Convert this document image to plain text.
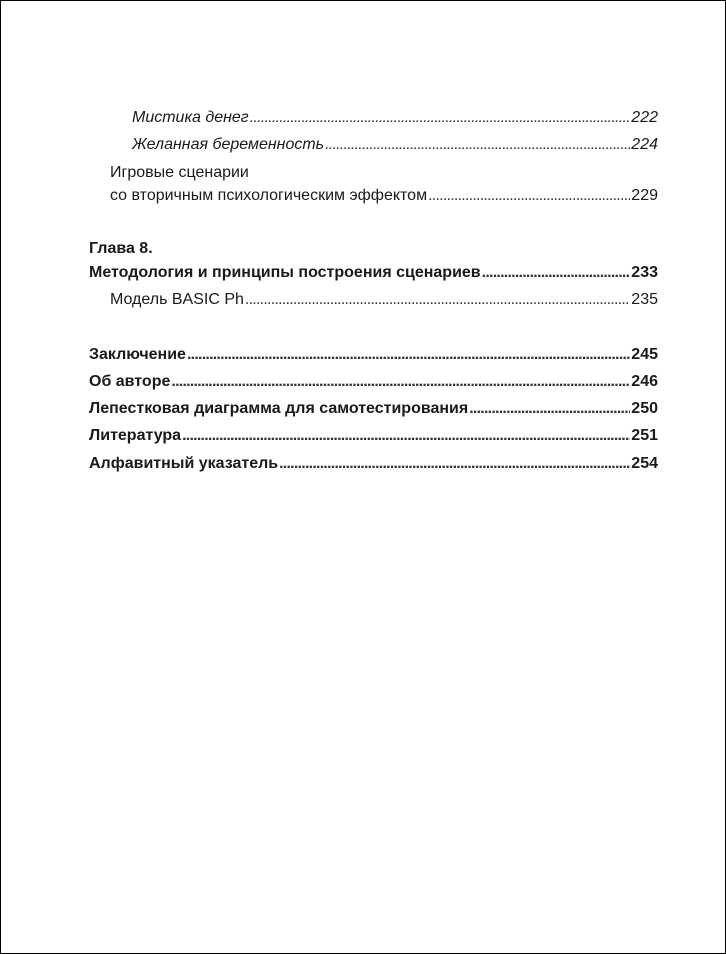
Мистика денег . . .	222
Желанная беременность . . .	224
Игровые сценарии
со вторичным психологическим эффектом . . .	229
Глава 8.
Методология и принципы построения сценариев . . .	233
Модель BASIC Ph . . .	235
Заключение . . .	245
Об авторе . . .	246
Лепестковая диаграмма для самотестирования . . .	250
Литература . . .	251
Алфавитный указатель . . .	254
